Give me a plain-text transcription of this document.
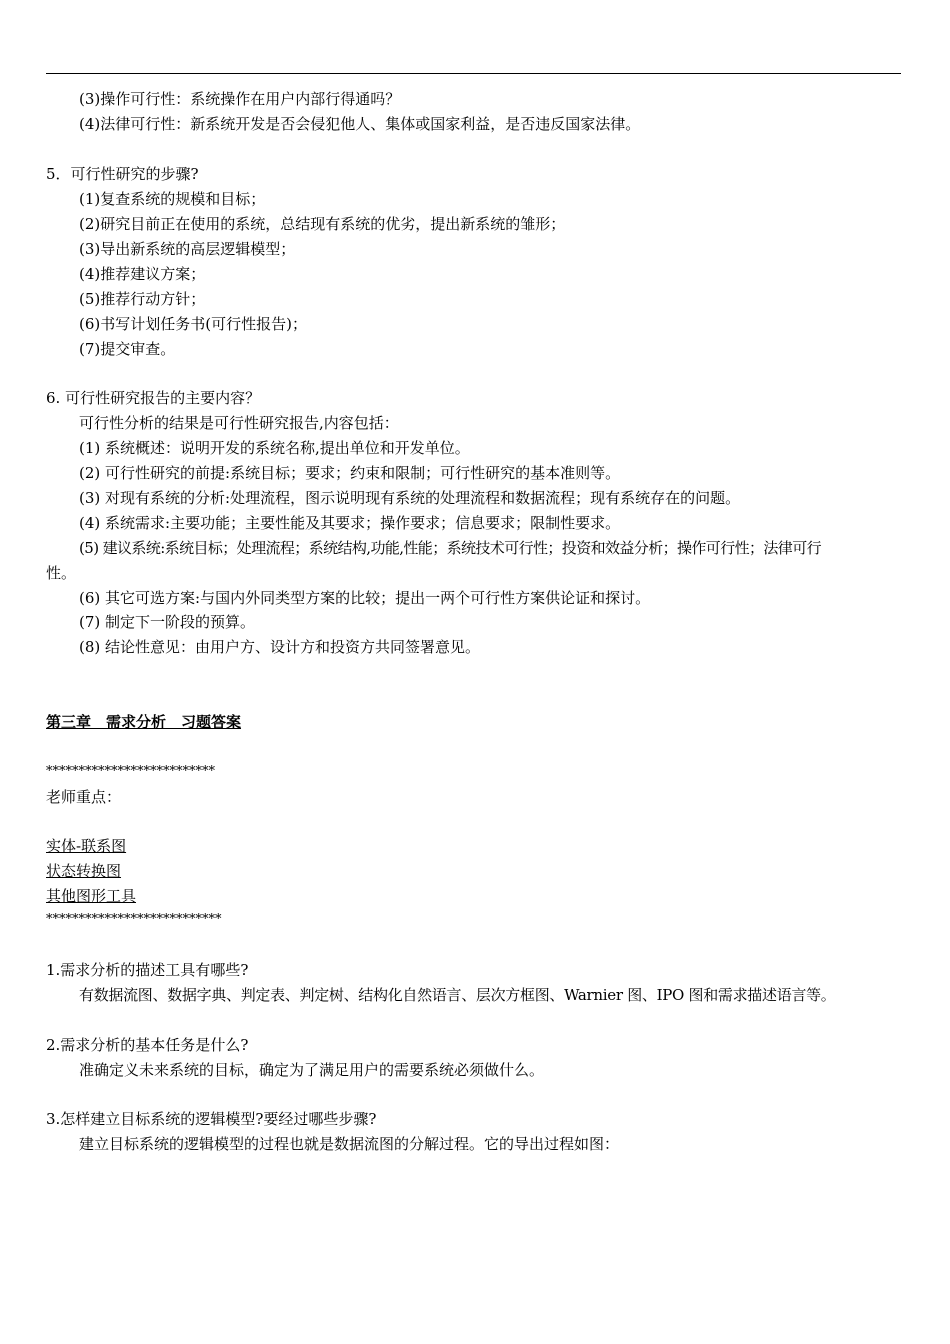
(3)操作可行性：系统操作在用户内部行得通吗？
(4)法律可行性：新系统开发是否会侵犯他人、集体或国家利益，是否违反国家法律。
5．可行性研究的步骤?
(1)复查系统的规模和目标；
(2)研究目前正在使用的系统，总结现有系统的优劣，提出新系统的雏形；
(3)导出新系统的高层逻辑模型；
(4)推荐建议方案；
(5)推荐行动方针；
(6)书写计划任务书(可行性报告)；
(7)提交审查。
6. 可行性研究报告的主要内容？
可行性分析的结果是可行性研究报告,内容包括：
(1) 系统概述：说明开发的系统名称,提出单位和开发单位。
(2) 可行性研究的前提:系统目标；要求；约束和限制；可行性研究的基本准则等。
(3) 对现有系统的分析:处理流程，图示说明现有系统的处理流程和数据流程；现有系统存在的问题。
(4) 系统需求:主要功能；主要性能及其要求；操作要求；信息要求；限制性要求。
(5) 建议系统:系统目标；处理流程；系统结构,功能,性能；系统技术可行性；投资和效益分析；操作可行性；法律可行
性。
(6) 其它可选方案:与国内外同类型方案的比较；提出一两个可行性方案供论证和探讨。
(7) 制定下一阶段的预算。
(8) 结论性意见：由用户方、设计方和投资方共同签署意见。
第三章　需求分析　习题答案
**************************
老师重点：
实体-联系图
状态转换图
其他图形工具
***************************
1.需求分析的描述工具有哪些?
有数据流图、数据字典、判定表、判定树、结构化自然语言、层次方框图、Warnier 图、IPO 图和需求描述语言等。
2.需求分析的基本任务是什么?
准确定义未来系统的目标，确定为了满足用户的需要系统必须做什么。
3.怎样建立目标系统的逻辑模型?要经过哪些步骤?
建立目标系统的逻辑模型的过程也就是数据流图的分解过程。它的导出过程如图：
